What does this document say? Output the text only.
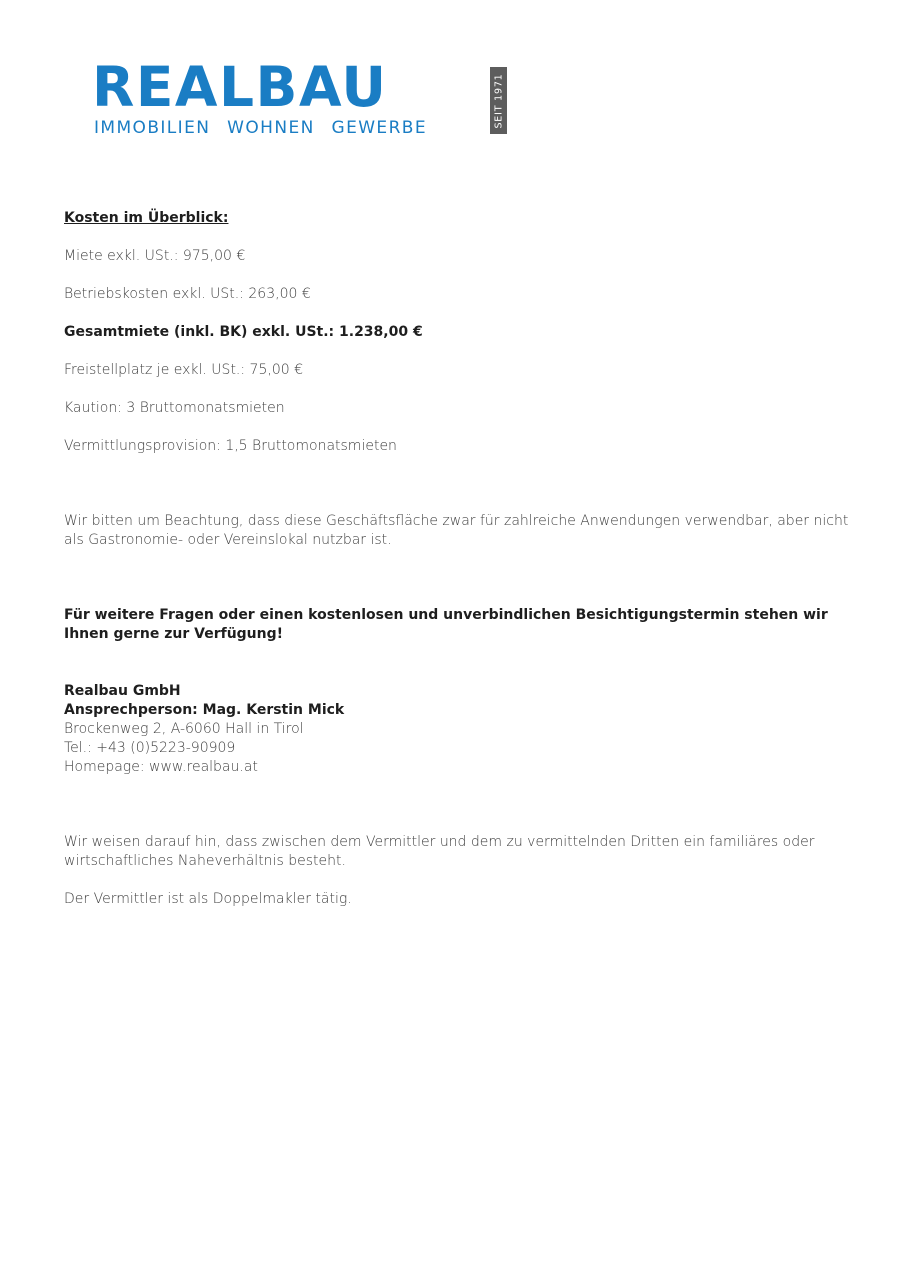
REALBAU
IMMOBILIEN WOHNEN GEWERBE	SEIT 1971
Kosten im Überblick:
Miete exkl. USt.: 975,00 €
Betriebskosten exkl. USt.: 263,00 €
Gesamtmiete (inkl. BK) exkl. USt.: 1.238,00 €
Freistellplatz je exkl. USt.: 75,00 €
Kaution: 3 Bruttomonatsmieten
Vermittlungsprovision: 1,5 Bruttomonatsmieten
Wir bitten um Beachtung, dass diese Geschäftsfläche zwar für zahlreiche Anwendungen verwendbar, aber nicht
als Gastronomie- oder Vereinslokal nutzbar ist.
Für weitere Fragen oder einen kostenlosen und unverbindlichen Besichtigungstermin stehen wir
Ihnen gerne zur Verfügung!
Realbau GmbH
Ansprechperson: Mag. Kerstin Mick
Brockenweg 2, A-6060 Hall in Tirol
Tel.: +43 (0)5223-90909
Homepage: www.realbau.at
Wir weisen darauf hin, dass zwischen dem Vermittler und dem zu vermittelnden Dritten ein familiäres oder
wirtschaftliches Naheverhältnis besteht.
Der Vermittler ist als Doppelmakler tätig.
